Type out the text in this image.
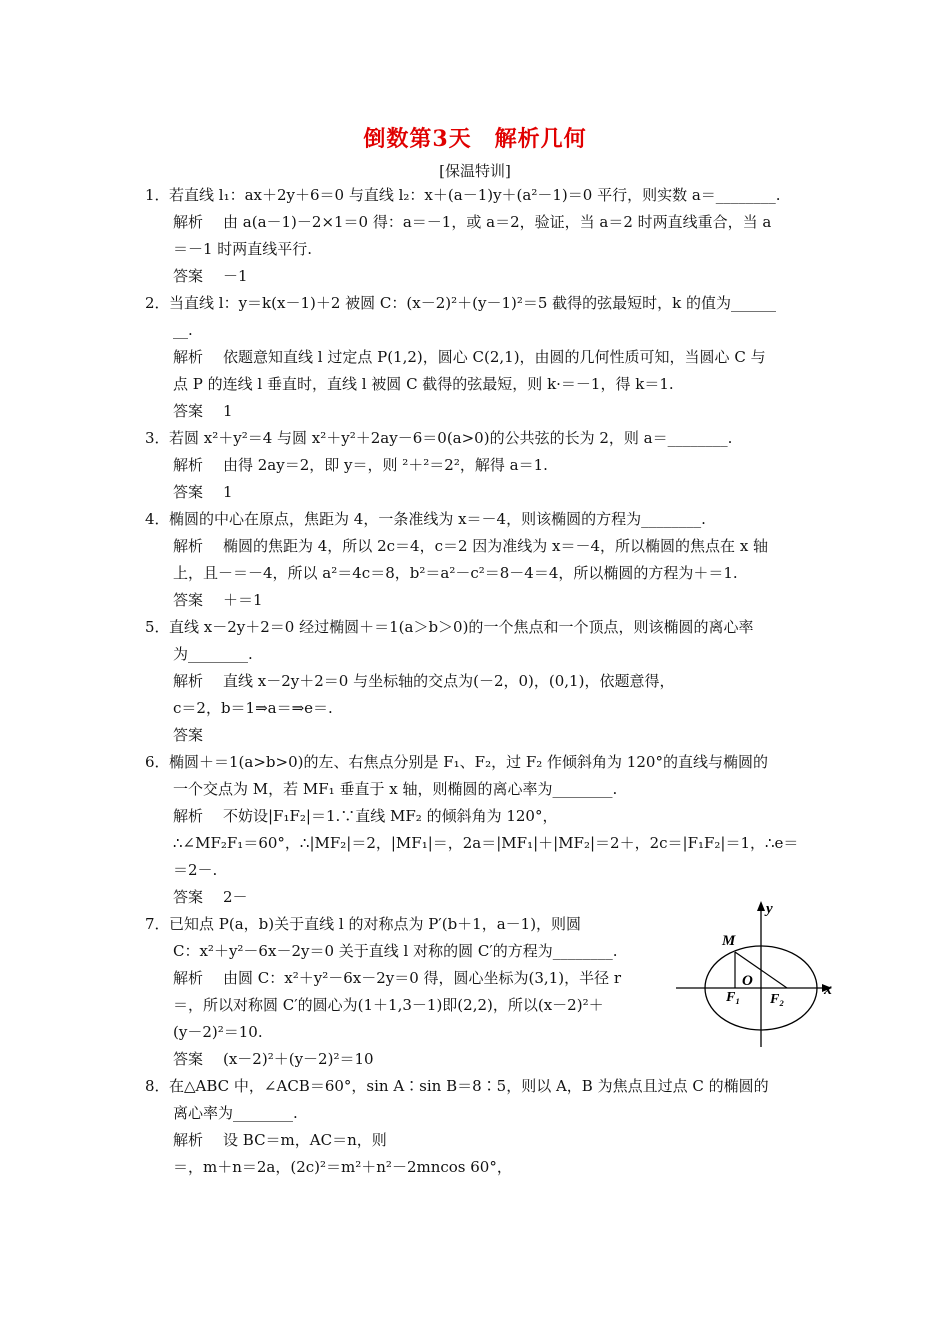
倒数第3天　解析几何
[保温特训]
1．若直线 l₁：ax＋2y＋6＝0 与直线 l₂：x＋(a－1)y＋(a²－1)＝0 平行，则实数 a＝________.
解析 由 a(a－1)－2×1＝0 得：a＝－1，或 a＝2，验证，当 a＝2 时两直线重合，当 a
＝－1 时两直线平行.
答案 －1
2．当直线 l：y＝k(x－1)＋2 被圆 C：(x－2)²＋(y－1)²＝5 截得的弦最短时，k 的值为______
__.
解析 依题意知直线 l 过定点 P(1,2)，圆心 C(2,1)，由圆的几何性质可知，当圆心 C 与
点 P 的连线 l 垂直时，直线 l 被圆 C 截得的弦最短，则 k·＝－1，得 k＝1.
答案 1
3．若圆 x²＋y²＝4 与圆 x²＋y²＋2ay－6＝0(a>0)的公共弦的长为 2，则 a＝________.
解析 由得 2ay＝2，即 y＝，则 ²＋²＝2²，解得 a＝1.
答案 1
4．椭圆的中心在原点，焦距为 4，一条准线为 x＝－4，则该椭圆的方程为________.
解析 椭圆的焦距为 4，所以 2c＝4，c＝2 因为准线为 x＝－4，所以椭圆的焦点在 x 轴
上，且－＝－4，所以 a²＝4c＝8，b²＝a²－c²＝8－4＝4，所以椭圆的方程为＋＝1.
答案 ＋＝1
5．直线 x－2y＋2＝0 经过椭圆＋＝1(a＞b＞0)的一个焦点和一个顶点，则该椭圆的离心率
为________.
解析 直线 x－2y＋2＝0 与坐标轴的交点为(－2，0)，(0,1)，依题意得，
c＝2，b＝1⇒a＝⇒e＝.
答案
6．椭圆＋＝1(a>b>0)的左、右焦点分别是 F₁、F₂，过 F₂ 作倾斜角为 120°的直线与椭圆的
一个交点为 M，若 MF₁ 垂直于 x 轴，则椭圆的离心率为________.
解析 不妨设|F₁F₂|＝1.∵直线 MF₂ 的倾斜角为 120°，
∴∠MF₂F₁＝60°，∴|MF₂|＝2，|MF₁|＝，2a＝|MF₁|＋|MF₂|＝2＋，2c＝|F₁F₂|＝1，∴e＝
＝2－.
答案 2－
7．已知点 P(a，b)关于直线 l 的对称点为 P′(b＋1，a－1)，则圆
C：x²＋y²－6x－2y＝0 关于直线 l 对称的圆 C′的方程为________.
解析 由圆 C：x²＋y²－6x－2y＝0 得，圆心坐标为(3,1)，半径 r
＝，所以对称圆 C′的圆心为(1＋1,3－1)即(2,2)，所以(x－2)²＋
(y－2)²＝10.
答案 (x－2)²＋(y－2)²＝10
8．在△ABC 中，∠ACB＝60°，sin A∶sin B＝8∶5，则以 A，B 为焦点且过点 C 的椭圆的
离心率为________.
解析 设 BC＝m，AC＝n，则
＝，m＋n＝2a，(2c)²＝m²＋n²－2mncos 60°，
y
x
M
O
F₁ F₂
